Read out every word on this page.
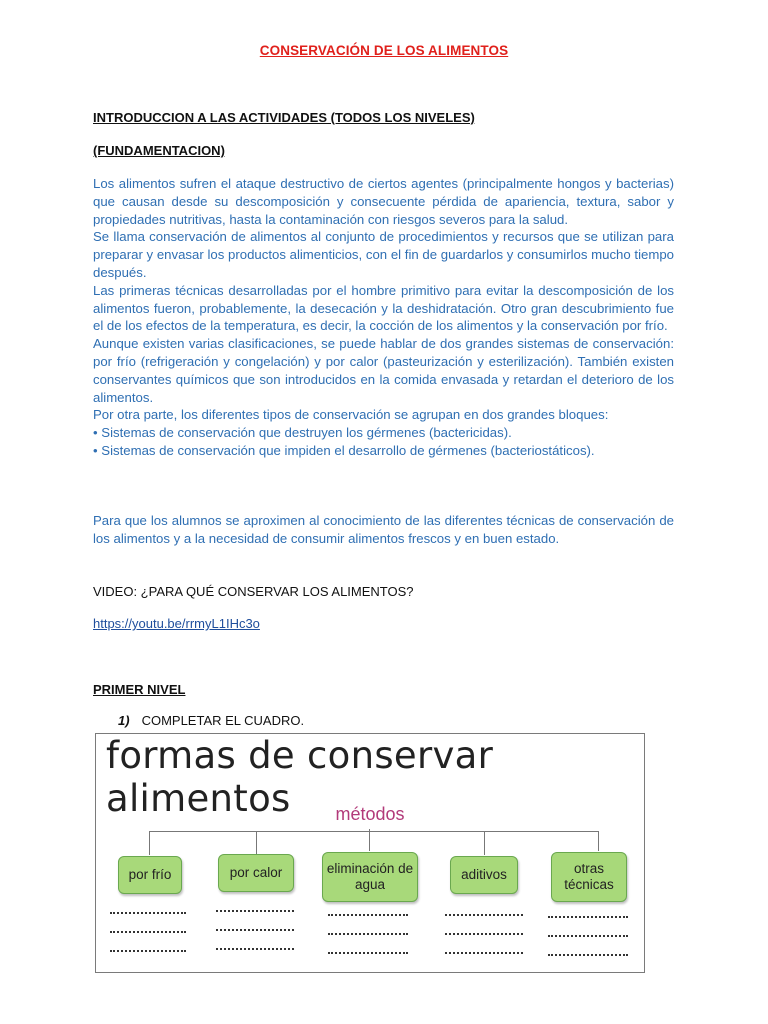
CONSERVACIÓN DE LOS ALIMENTOS
INTRODUCCION A LAS ACTIVIDADES (TODOS LOS NIVELES)
(FUNDAMENTACION)

Los alimentos sufren el ataque destructivo de ciertos agentes (principalmente hongos y bacterias) que causan desde su descomposición y consecuente pérdida de apariencia, textura, sabor y propiedades nutritivas, hasta la contaminación con riesgos severos para la salud.

Se llama conservación de alimentos al conjunto de procedimientos y recursos que se utilizan para preparar y envasar los productos alimenticios, con el fin de guardarlos y consumirlos mucho tiempo después.

Las primeras técnicas desarrolladas por el hombre primitivo para evitar la descomposición de los alimentos fueron, probablemente, la desecación y la deshidratación. Otro gran descubrimiento fue el de los efectos de la temperatura, es decir, la cocción de los alimentos y la conservación por frío.

Aunque existen varias clasificaciones, se puede hablar de dos grandes sistemas de conservación: por frío (refrigeración y congelación) y por calor (pasteurización y esterilización). También existen conservantes químicos que son introducidos en la comida envasada y retardan el deterioro de los alimentos.

Por otra parte, los diferentes tipos de conservación se agrupan en dos grandes bloques:

• Sistemas de conservación que destruyen los gérmenes (bactericidas).

• Sistemas de conservación que impiden el desarrollo de gérmenes (bacteriostáticos).

Para que los alumnos se aproximen al conocimiento de las diferentes técnicas de conservación de los alimentos y a la necesidad de consumir alimentos frescos y en buen estado.

VIDEO: ¿PARA QUÉ CONSERVAR LOS ALIMENTOS?
https://youtu.be/rrmyL1IHc3o
PRIMER NIVEL
1) COMPLETAR EL CUADRO.
formas de conservar alimentos	métodos
por frío	por calor	eliminación de agua
aditivos	otras técnicas
